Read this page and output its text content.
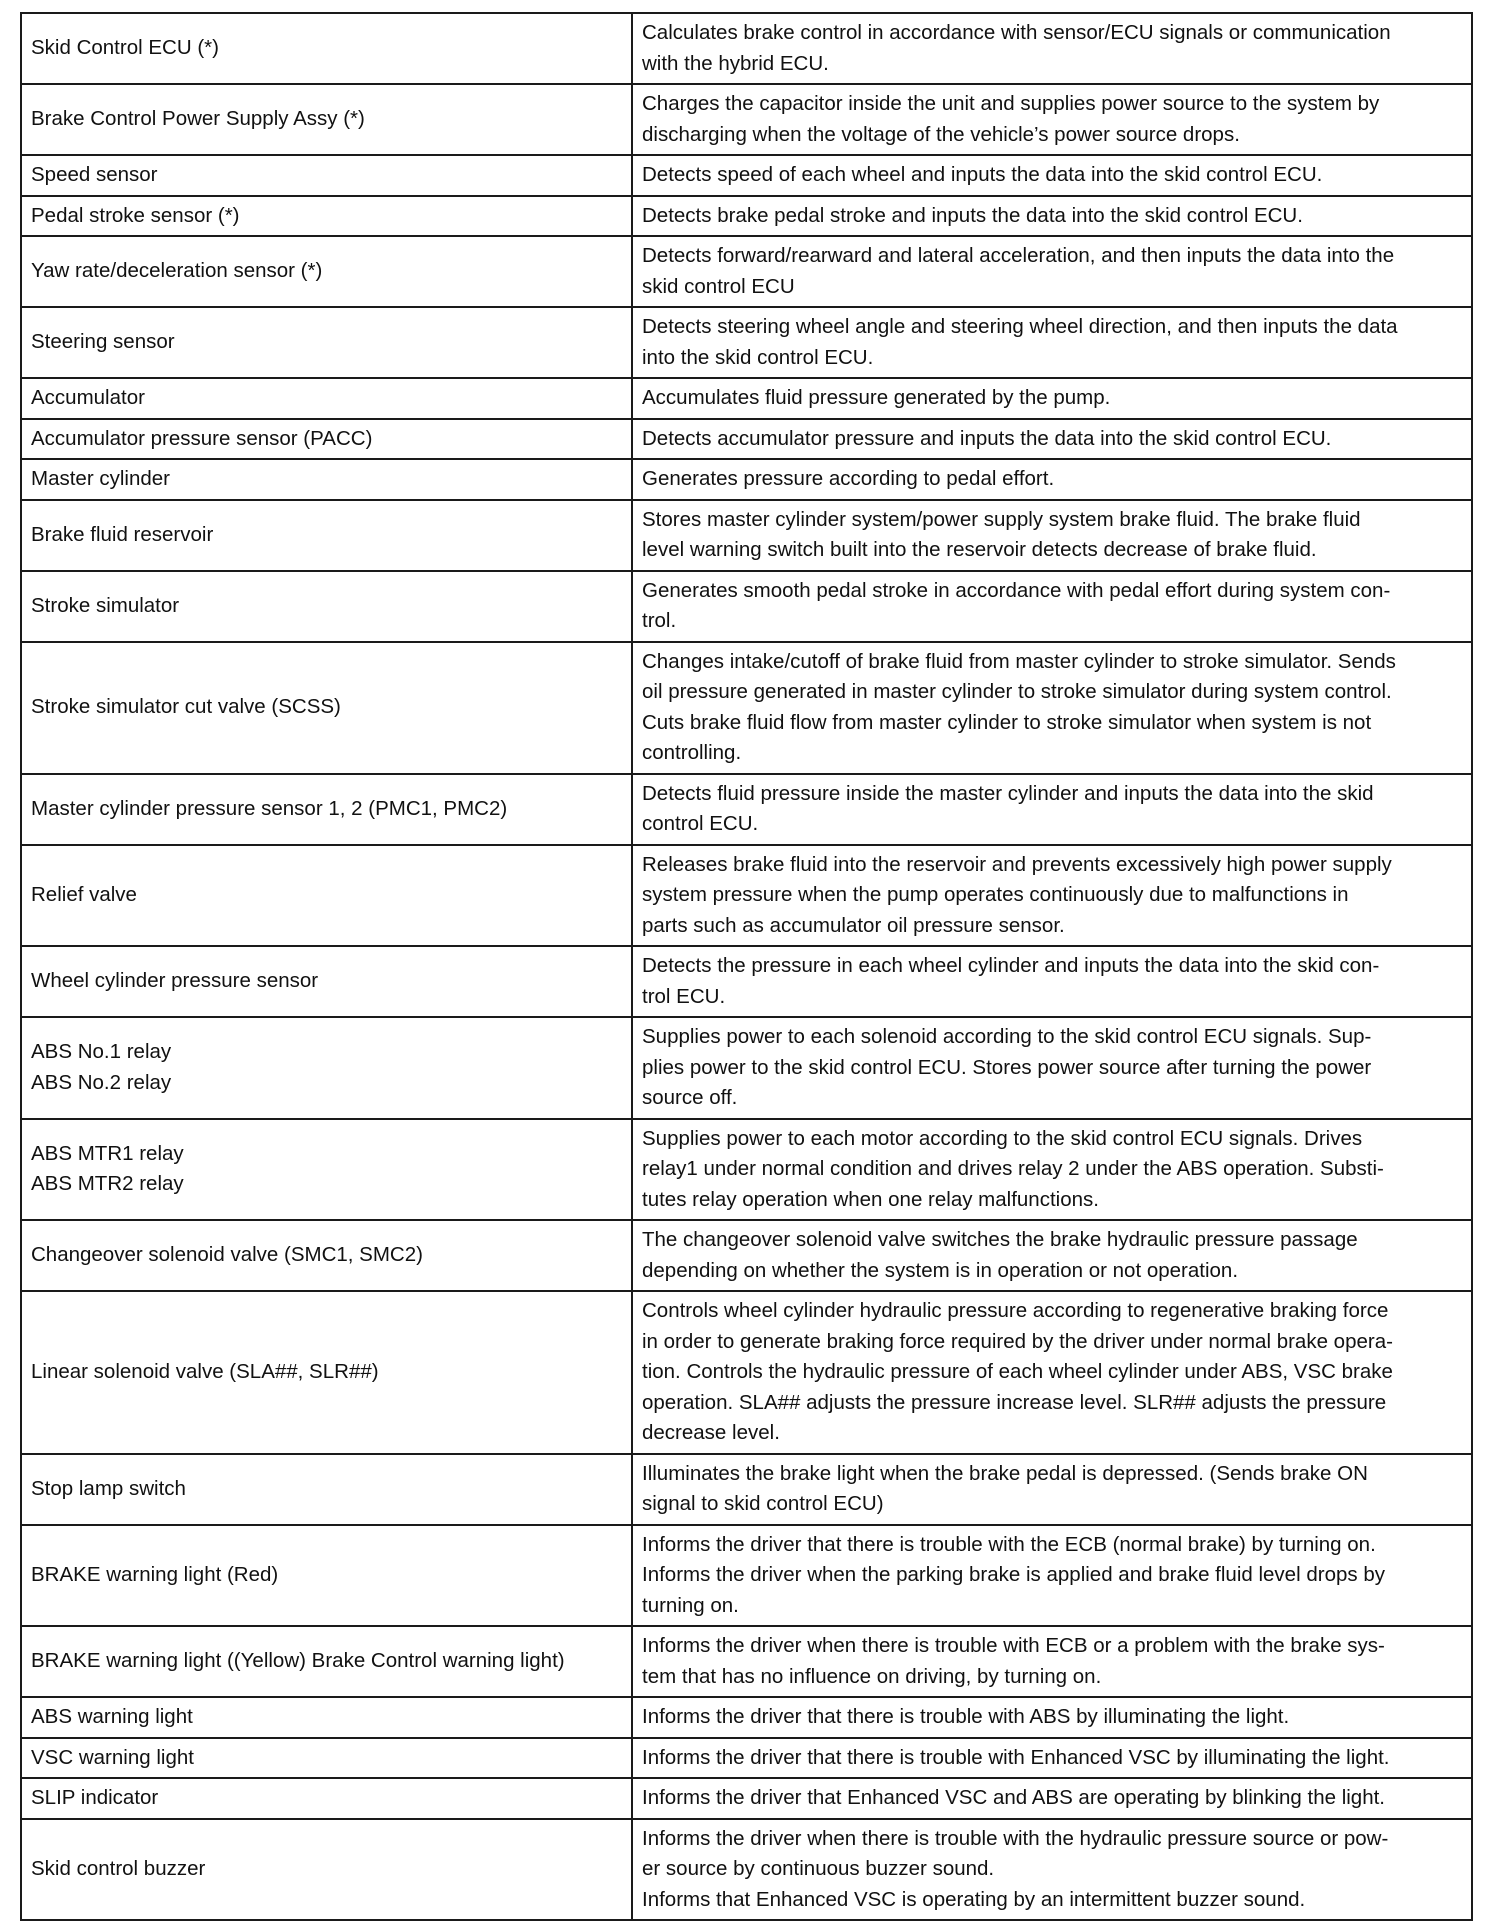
Skid Control ECU (*)	Calculates brake control in accordance with sensor/ECU signals or communication
with the hybrid ECU.
Brake Control Power Supply Assy (*)	Charges the capacitor inside the unit and supplies power source to the system by
discharging when the voltage of the vehicle’s power source drops.
Speed sensor	Detects speed of each wheel and inputs the data into the skid control ECU.
Pedal stroke sensor (*)	Detects brake pedal stroke and inputs the data into the skid control ECU.
Yaw rate/deceleration sensor (*)	Detects forward/rearward and lateral acceleration, and then inputs the data into the
skid control ECU
Steering sensor	Detects steering wheel angle and steering wheel direction, and then inputs the data
into the skid control ECU.
Accumulator	Accumulates fluid pressure generated by the pump.
Accumulator pressure sensor (PACC)	Detects accumulator pressure and inputs the data into the skid control ECU.
Master cylinder	Generates pressure according to pedal effort.
Brake fluid reservoir	Stores master cylinder system/power supply system brake fluid. The brake fluid
level warning switch built into the reservoir detects decrease of brake fluid.
Stroke simulator	Generates smooth pedal stroke in accordance with pedal effort during system con-
trol.
Stroke simulator cut valve (SCSS)	Changes intake/cutoff of brake fluid from master cylinder to stroke simulator. Sends
oil pressure generated in master cylinder to stroke simulator during system control.
Cuts brake fluid flow from master cylinder to stroke simulator when system is not
controlling.
Master cylinder pressure sensor 1, 2 (PMC1, PMC2)	Detects fluid pressure inside the master cylinder and inputs the data into the skid
control ECU.
Relief valve	Releases brake fluid into the reservoir and prevents excessively high power supply
system pressure when the pump operates continuously due to malfunctions in
parts such as accumulator oil pressure sensor.
Wheel cylinder pressure sensor	Detects the pressure in each wheel cylinder and inputs the data into the skid con-
trol ECU.
ABS No.1 relay
ABS No.2 relay	Supplies power to each solenoid according to the skid control ECU signals. Sup-
plies power to the skid control ECU. Stores power source after turning the power
source off.
ABS MTR1 relay
ABS MTR2 relay	Supplies power to each motor according to the skid control ECU signals. Drives
relay1 under normal condition and drives relay 2 under the ABS operation. Substi-
tutes relay operation when one relay malfunctions.
Changeover solenoid valve (SMC1, SMC2)	The changeover solenoid valve switches the brake hydraulic pressure passage
depending on whether the system is in operation or not operation.
Linear solenoid valve (SLA##, SLR##)	Controls wheel cylinder hydraulic pressure according to regenerative braking force
in order to generate braking force required by the driver under normal brake opera-
tion. Controls the hydraulic pressure of each wheel cylinder under ABS, VSC brake
operation. SLA## adjusts the pressure increase level. SLR## adjusts the pressure
decrease level.
Stop lamp switch	Illuminates the brake light when the brake pedal is depressed. (Sends brake ON
signal to skid control ECU)
BRAKE warning light (Red)	Informs the driver that there is trouble with the ECB (normal brake) by turning on.
Informs the driver when the parking brake is applied and brake fluid level drops by
turning on.
BRAKE warning light ((Yellow) Brake Control warning light)	Informs the driver when there is trouble with ECB or a problem with the brake sys-
tem that has no influence on driving, by turning on.
ABS warning light	Informs the driver that there is trouble with ABS by illuminating the light.
VSC warning light	Informs the driver that there is trouble with Enhanced VSC by illuminating the light.
SLIP indicator	Informs the driver that Enhanced VSC and ABS are operating by blinking the light.
Skid control buzzer	Informs the driver when there is trouble with the hydraulic pressure source or pow-
er source by continuous buzzer sound.
Informs that Enhanced VSC is operating by an intermittent buzzer sound.
